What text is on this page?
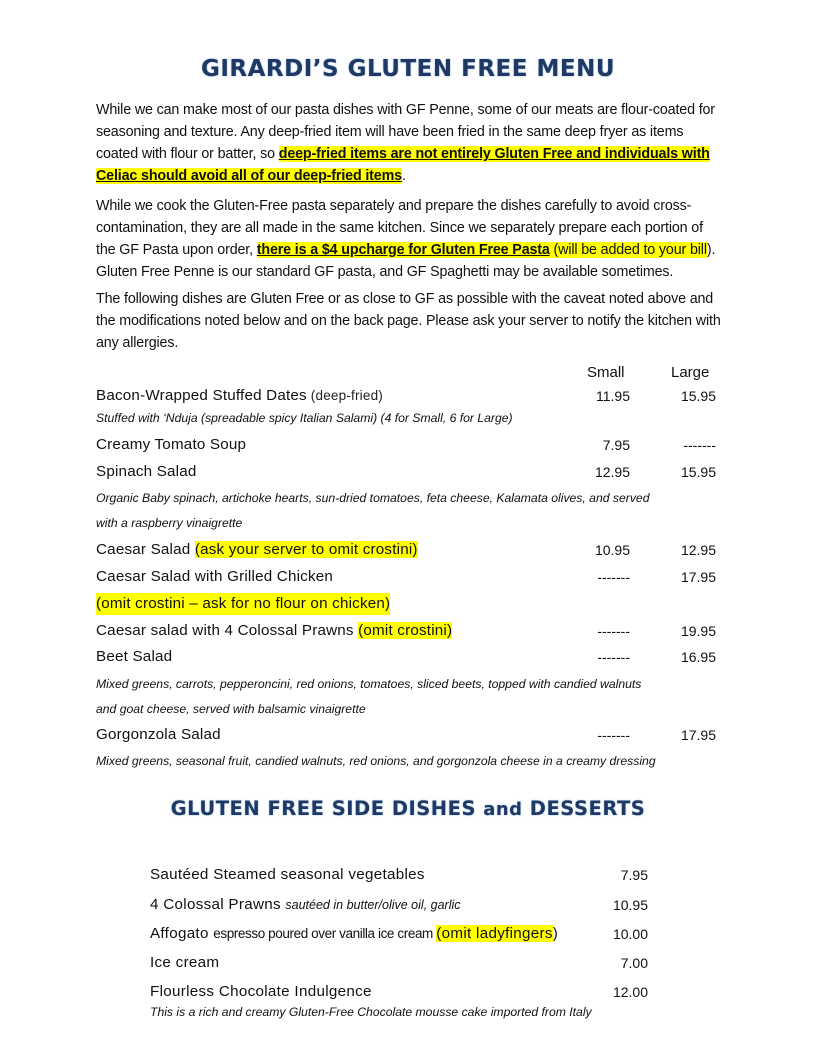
GIRARDI’S GLUTEN FREE MENU
While we can make most of our pasta dishes with GF Penne, some of our meats are flour-coated for seasoning and texture. Any deep-fried item will have been fried in the same deep fryer as items coated with flour or batter, so deep-fried items are not entirely Gluten Free and individuals with Celiac should avoid all of our deep-fried items.
While we cook the Gluten-Free pasta separately and prepare the dishes carefully to avoid cross-contamination, they are all made in the same kitchen. Since we separately prepare each portion of the GF Pasta upon order, there is a $4 upcharge for Gluten Free Pasta (will be added to your bill). Gluten Free Penne is our standard GF pasta, and GF Spaghetti may be available sometimes.
The following dishes are Gluten Free or as close to GF as possible with the caveat noted above and the modifications noted below and on the back page. Please ask your server to notify the kitchen with any allergies.
Small	Large
Bacon-Wrapped Stuffed Dates (deep-fried)	11.95	15.95
Stuffed with ‘Nduja (spreadable spicy Italian Salami) (4 for Small, 6 for Large)
Creamy Tomato Soup	7.95	-------
Spinach Salad	12.95	15.95
Organic Baby spinach, artichoke hearts, sun-dried tomatoes, feta cheese, Kalamata olives, and served
with a raspberry vinaigrette
Caesar Salad (ask your server to omit crostini)	10.95	12.95
Caesar Salad with Grilled Chicken	-------	17.95
(omit crostini – ask for no flour on chicken)
Caesar salad with 4 Colossal Prawns (omit crostini)	-------	19.95
Beet Salad	-------	16.95
Mixed greens, carrots, pepperoncini, red onions, tomatoes, sliced beets, topped with candied walnuts
and goat cheese, served with balsamic vinaigrette
Gorgonzola Salad	-------	17.95
Mixed greens, seasonal fruit, candied walnuts, red onions, and gorgonzola cheese in a creamy dressing
GLUTEN FREE SIDE DISHES and DESSERTS
Sautéed Steamed seasonal vegetables	7.95
4 Colossal Prawns sautéed in butter/olive oil, garlic	10.95
Affogato espresso poured over vanilla ice cream (omit ladyfingers)	10.00
Ice cream	7.00
Flourless Chocolate Indulgence	12.00
This is a rich and creamy Gluten-Free Chocolate mousse cake imported from Italy
